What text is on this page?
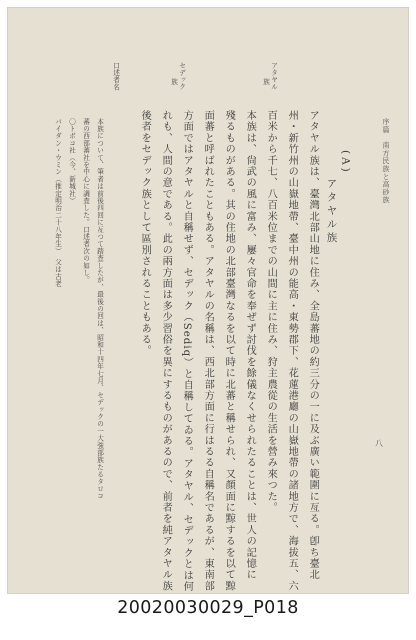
序篇　南方民族と高砂族
八
(A)
アタヤル族
アタヤル族は、臺灣北部山地に住み、全島蕃地の約三分の一に及ぶ廣い範圍に亙る。卽ち臺北
州・新竹州の山嶽地帶、臺中州の能高・東勢郡下、花蓮港廳の山嶽地帶の諸地方で、海拔五、六
百米から千七、八百米位までの山間に主に住み、狩主農從の生活を營み來つた。
本族は、尙武の風に富み、屢々官命を奉ぜず討伐を餘儀なくせられたることは、世人の記憶に
殘るものがある。其の住地の北部臺灣なるを以て時に北蕃と稱せられ、又顏面に黥するを以て黥
面蕃と呼ばれたこともある。アタヤルの名稱は、西北部方面に行はるる自稱名であるが、東南部
方面ではアタヤルと自稱せず、セデック（Sediq）と自稱してゐる。アタヤル、セデックとは何
れも、人間の意である。此の兩方面は多少習俗を異にするものがあるので、前者を純アタヤル族
後者をセデック族として區別されることもある。
アタヤル
族
セデック
族
口述者名
本族について、筆者は前後四回に亙つて踏査したが、最後の回は、昭和十四年七月、セデックの一大強部族たるタロコ
蕃の西部蕃社を中心に調査した。口述者次の如し。
〇トボコ社（今、新城社）
バイダン・ウミン（推定明治二十八年生）　父は古老
20020030029_P018
